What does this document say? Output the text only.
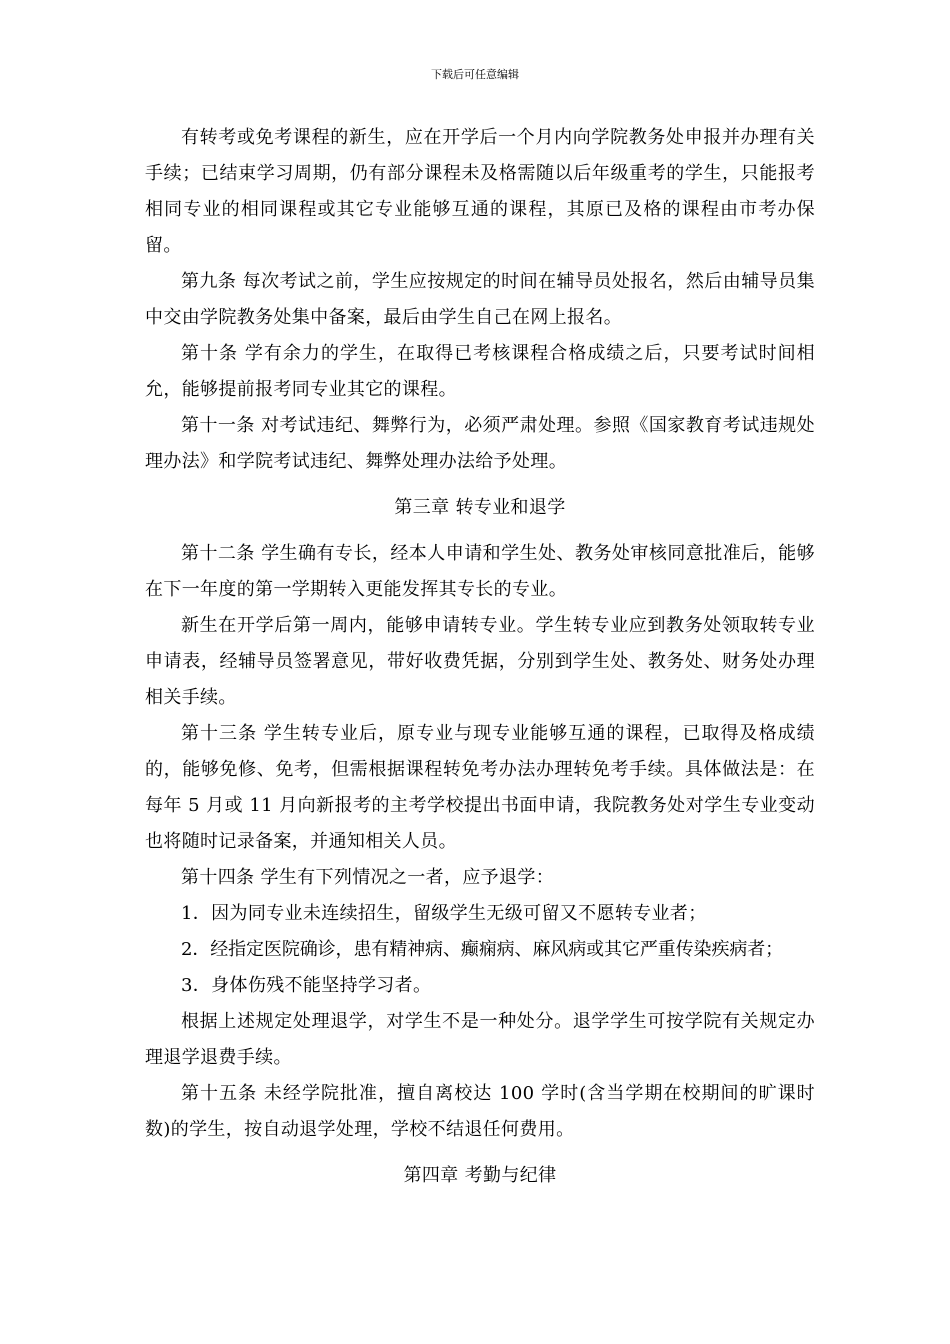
下载后可任意编辑

有转考或免考课程的新生，应在开学后一个月内向学院教务处申报并办理有关手续；已结束学习周期，仍有部分课程未及格需随以后年级重考的学生，只能报考相同专业的相同课程或其它专业能够互通的课程，其原已及格的课程由市考办保留。

第九条 每次考试之前，学生应按规定的时间在辅导员处报名，然后由辅导员集中交由学院教务处集中备案，最后由学生自己在网上报名。

第十条 学有余力的学生，在取得已考核课程合格成绩之后，只要考试时间相允，能够提前报考同专业其它的课程。

第十一条 对考试违纪、舞弊行为，必须严肃处理。参照《国家教育考试违规处理办法》和学院考试违纪、舞弊处理办法给予处理。

第三章 转专业和退学

第十二条 学生确有专长，经本人申请和学生处、教务处审核同意批准后，能够在下一年度的第一学期转入更能发挥其专长的专业。

新生在开学后第一周内，能够申请转专业。学生转专业应到教务处领取转专业申请表，经辅导员签署意见，带好收费凭据，分别到学生处、教务处、财务处办理相关手续。

第十三条 学生转专业后，原专业与现专业能够互通的课程，已取得及格成绩的，能够免修、免考，但需根据课程转免考办法办理转免考手续。具体做法是：在每年 5 月或 11 月向新报考的主考学校提出书面申请，我院教务处对学生专业变动也将随时记录备案，并通知相关人员。

第十四条 学生有下列情况之一者，应予退学：

1．因为同专业未连续招生，留级学生无级可留又不愿转专业者；

2．经指定医院确诊，患有精神病、癫痫病、麻风病或其它严重传染疾病者；

3．身体伤残不能坚持学习者。

根据上述规定处理退学，对学生不是一种处分。退学学生可按学院有关规定办理退学退费手续。

第十五条 未经学院批准，擅自离校达 100 学时(含当学期在校期间的旷课时数)的学生，按自动退学处理，学校不结退任何费用。

第四章 考勤与纪律
